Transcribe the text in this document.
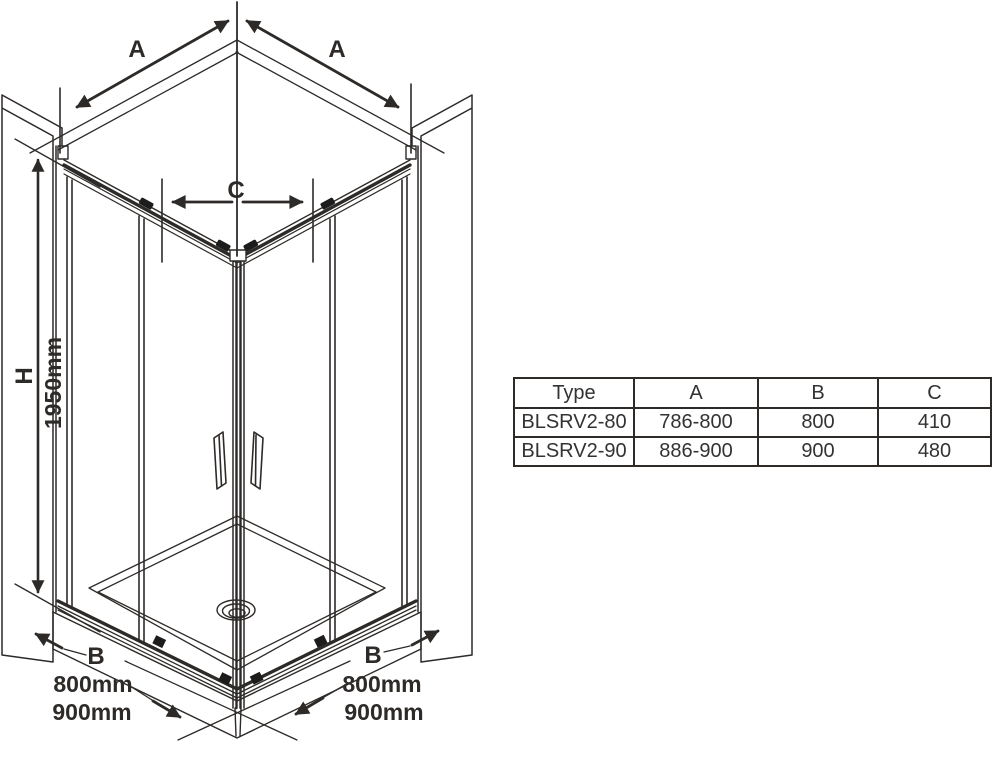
A	A
C
H 1950mm
B
800mm
900mm
B
800mm
900mm
Type	A	B	C
BLSRV2-80	786-800	800	410
BLSRV2-90	886-900	900	480
